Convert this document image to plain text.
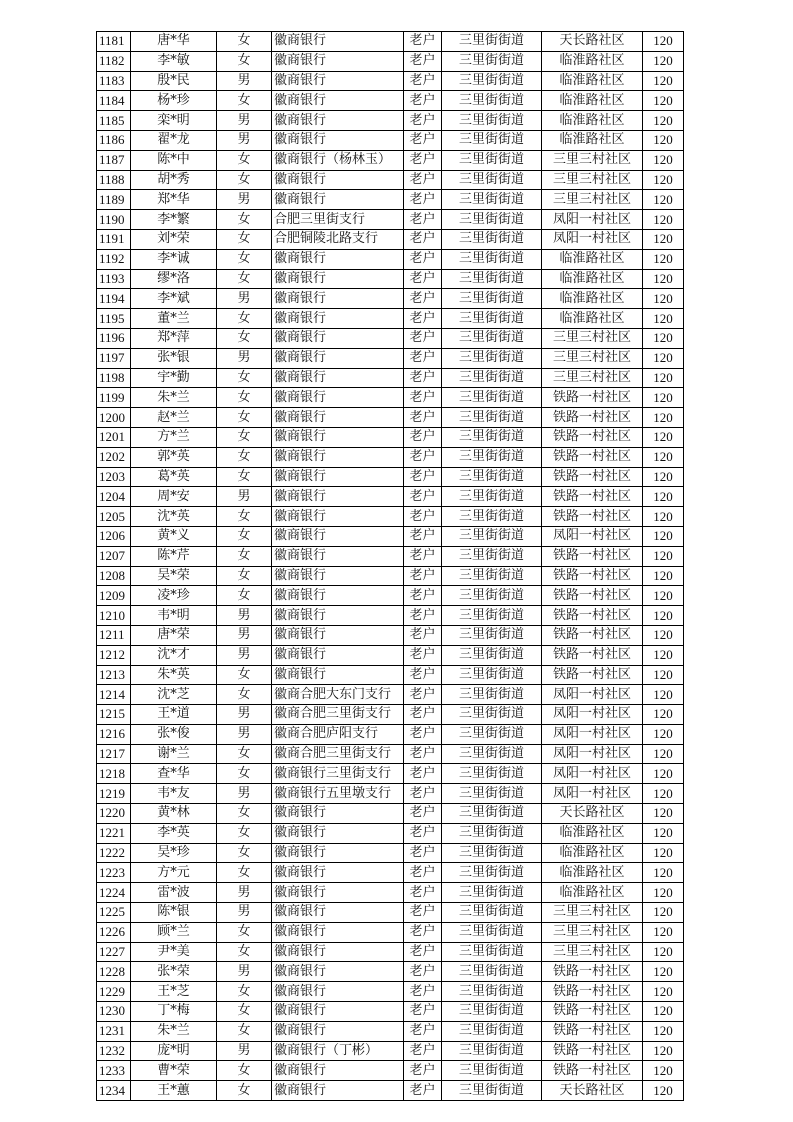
1181	唐*华	女	徽商银行	老户	三里街街道	天长路社区	120
1182	李*敏	女	徽商银行	老户	三里街街道	临淮路社区	120
1183	殷*民	男	徽商银行	老户	三里街街道	临淮路社区	120
1184	杨*珍	女	徽商银行	老户	三里街街道	临淮路社区	120
1185	栾*明	男	徽商银行	老户	三里街街道	临淮路社区	120
1186	翟*龙	男	徽商银行	老户	三里街街道	临淮路社区	120
1187	陈*中	女	徽商银行（杨林玉）	老户	三里街街道	三里三村社区	120
1188	胡*秀	女	徽商银行	老户	三里街街道	三里三村社区	120
1189	郑*华	男	徽商银行	老户	三里街街道	三里三村社区	120
1190	李*繁	女	合肥三里街支行	老户	三里街街道	凤阳一村社区	120
1191	刘*荣	女	合肥铜陵北路支行	老户	三里街街道	凤阳一村社区	120
1192	李*诚	女	徽商银行	老户	三里街街道	临淮路社区	120
1193	缪*洛	女	徽商银行	老户	三里街街道	临淮路社区	120
1194	李*斌	男	徽商银行	老户	三里街街道	临淮路社区	120
1195	董*兰	女	徽商银行	老户	三里街街道	临淮路社区	120
1196	郑*萍	女	徽商银行	老户	三里街街道	三里三村社区	120
1197	张*银	男	徽商银行	老户	三里街街道	三里三村社区	120
1198	宇*勤	女	徽商银行	老户	三里街街道	三里三村社区	120
1199	朱*兰	女	徽商银行	老户	三里街街道	铁路一村社区	120
1200	赵*兰	女	徽商银行	老户	三里街街道	铁路一村社区	120
1201	方*兰	女	徽商银行	老户	三里街街道	铁路一村社区	120
1202	郭*英	女	徽商银行	老户	三里街街道	铁路一村社区	120
1203	葛*英	女	徽商银行	老户	三里街街道	铁路一村社区	120
1204	周*安	男	徽商银行	老户	三里街街道	铁路一村社区	120
1205	沈*英	女	徽商银行	老户	三里街街道	铁路一村社区	120
1206	黄*义	女	徽商银行	老户	三里街街道	凤阳一村社区	120
1207	陈*芹	女	徽商银行	老户	三里街街道	铁路一村社区	120
1208	吴*荣	女	徽商银行	老户	三里街街道	铁路一村社区	120
1209	凌*珍	女	徽商银行	老户	三里街街道	铁路一村社区	120
1210	韦*明	男	徽商银行	老户	三里街街道	铁路一村社区	120
1211	唐*荣	男	徽商银行	老户	三里街街道	铁路一村社区	120
1212	沈*才	男	徽商银行	老户	三里街街道	铁路一村社区	120
1213	朱*英	女	徽商银行	老户	三里街街道	铁路一村社区	120
1214	沈*芝	女	徽商合肥大东门支行	老户	三里街街道	凤阳一村社区	120
1215	王*道	男	徽商合肥三里街支行	老户	三里街街道	凤阳一村社区	120
1216	张*俊	男	徽商合肥庐阳支行	老户	三里街街道	凤阳一村社区	120
1217	谢*兰	女	徽商合肥三里街支行	老户	三里街街道	凤阳一村社区	120
1218	查*华	女	徽商银行三里街支行	老户	三里街街道	凤阳一村社区	120
1219	韦*友	男	徽商银行五里墩支行	老户	三里街街道	凤阳一村社区	120
1220	黄*林	女	徽商银行	老户	三里街街道	天长路社区	120
1221	李*英	女	徽商银行	老户	三里街街道	临淮路社区	120
1222	吴*珍	女	徽商银行	老户	三里街街道	临淮路社区	120
1223	方*元	女	徽商银行	老户	三里街街道	临淮路社区	120
1224	雷*波	男	徽商银行	老户	三里街街道	临淮路社区	120
1225	陈*银	男	徽商银行	老户	三里街街道	三里三村社区	120
1226	顾*兰	女	徽商银行	老户	三里街街道	三里三村社区	120
1227	尹*美	女	徽商银行	老户	三里街街道	三里三村社区	120
1228	张*荣	男	徽商银行	老户	三里街街道	铁路一村社区	120
1229	王*芝	女	徽商银行	老户	三里街街道	铁路一村社区	120
1230	丁*梅	女	徽商银行	老户	三里街街道	铁路一村社区	120
1231	朱*兰	女	徽商银行	老户	三里街街道	铁路一村社区	120
1232	庞*明	男	徽商银行（丁彬）	老户	三里街街道	铁路一村社区	120
1233	曹*荣	女	徽商银行	老户	三里街街道	铁路一村社区	120
1234	王*蕙	女	徽商银行	老户	三里街街道	天长路社区	120
